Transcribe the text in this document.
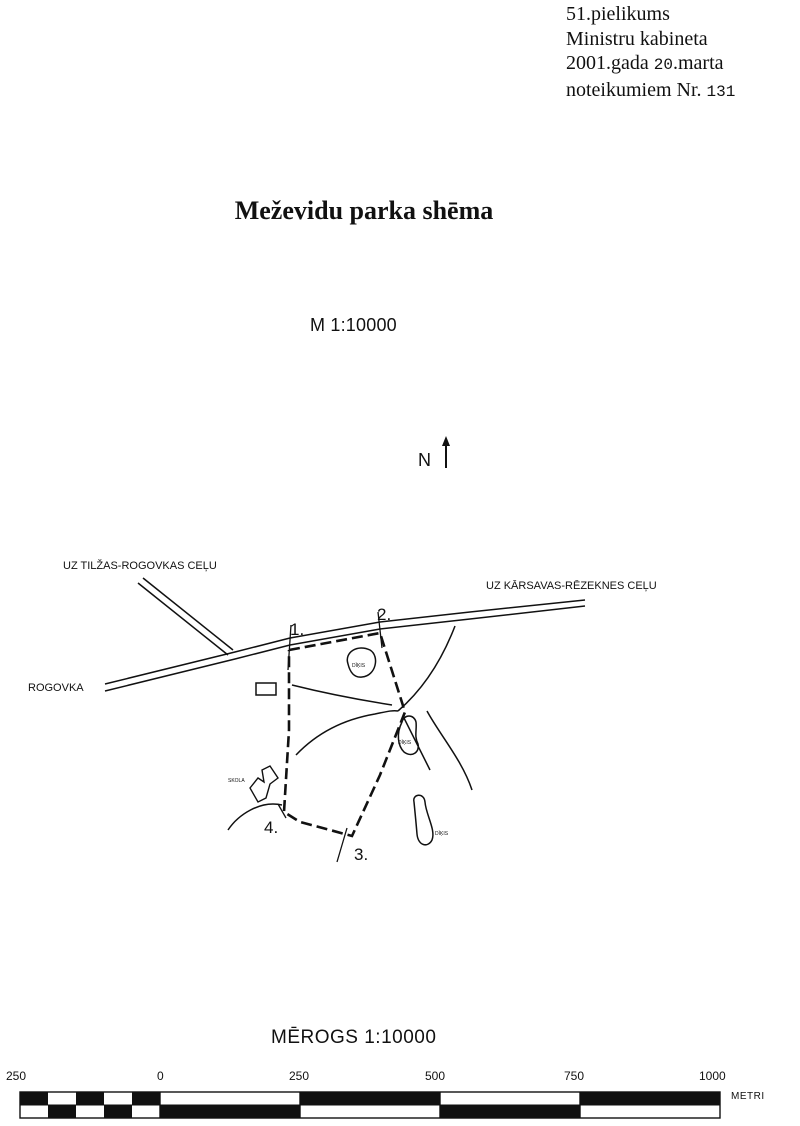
51.pielikums
Ministru kabineta
2001.gada 20.marta
noteikumiem Nr. 131
Meževidu parka shēma
M 1:10000
N
1.
2.
3.
4.
DĪĶIS
DĪĶIS
DĪĶIS
SKOLA
UZ TILŽAS-ROGOVKAS CEĻU
UZ KĀRSAVAS-RĒZEKNES CEĻU
ROGOVKA
MĒROGS 1:10000
250	0	250	500	750	1000
METRI
